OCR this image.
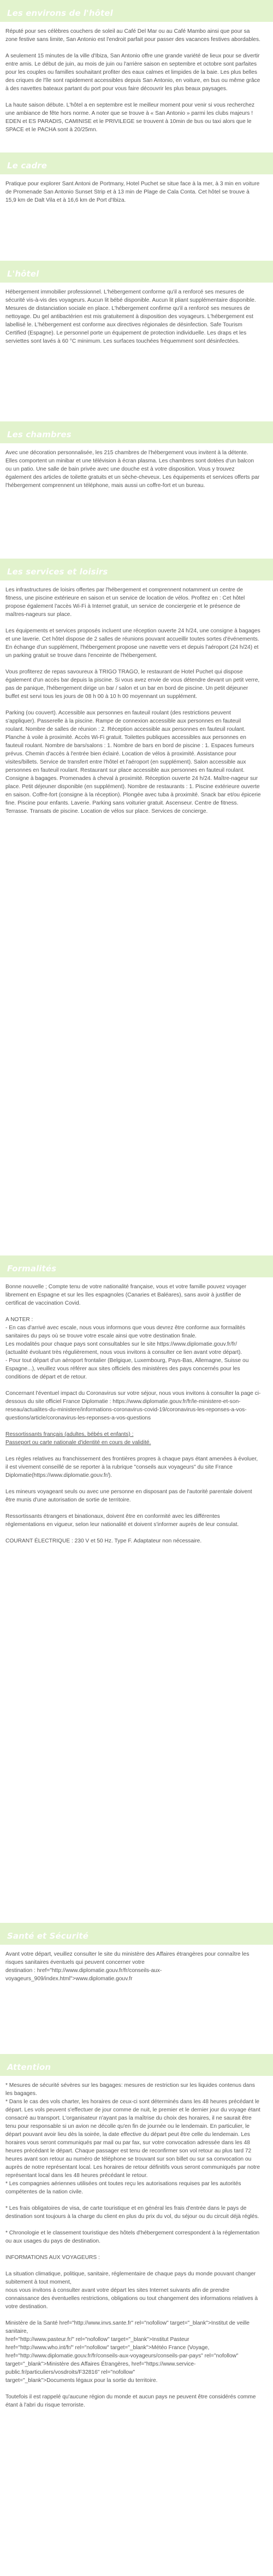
Les environs de l'hôtel

Réputé pour ses célèbres couchers de soleil au Café Del Mar ou au Café Mambo ainsi que pour sa zone festive sans limite, San Antonio est l'endroit parfait pour passer des vacances festives abordables.

A seulement 15 minutes de la ville d'Ibiza, San Antonio offre une grande variété de lieux pour se divertir entre amis. Le début de juin, au mois de juin ou l'arrière saison en septembre et octobre sont parfaites pour les couples ou familles souhaitant profiter des eaux calmes et limpides de la baie. Les plus belles des criques de l'île sont rapidement accessibles depuis San Antonio, en voiture, en bus ou même grâce à des navettes bateaux partant du port pour vous faire découvrir les plus beaux paysages.

La haute saison débute. L'hôtel a en septembre est le meilleur moment pour venir si vous recherchez une ambiance de fête hors norme. A noter que se trouve à « San Antonio » parmi les clubs majeurs ! EDEN et ES PARADIS, CAMINISE et le PRIVILEGE se trouvent à 10min de bus ou taxi alors que le SPACE et le PACHA sont à 20/25mn.

Le cadre

Pratique pour explorer Sant Antoni de Portmany, Hotel Puchet se situe face à la mer, à 3 min en voiture de Promenade San Antonio Sunset Strip et à 13 min de Plage de Cala Conta. Cet hôtel se trouve à 15,9 km de Dalt Vila et à 16,6 km de Port d'Ibiza.

L'hôtel

Hébergement immobilier professionnel. L'hébergement conforme qu'il a renforcé ses mesures de sécurité vis-à-vis des voyageurs. Aucun lit bébé disponible. Aucun lit pliant supplémentaire disponible. Mesures de distanciation sociale en place. L'hébergement confirme qu'il a renforcé ses mesures de nettoyage. Du gel antibactérien est mis gratuitement à disposition des voyageurs. L'hébergement est labellisé le. L'hébergement est conforme aux directives régionales de désinfection. Safe Tourism Certified (Espagne). Le personnel porte un équipement de protection individuelle. Les draps et les serviettes sont lavés à 60 °C minimum. Les surfaces touchées fréquemment sont désinfectées.

Les chambres

Avec une décoration personnalisée, les 215 chambres de l'hébergement vous invitent à la détente. Elles comportent un minibar et une télévision à écran plasma. Les chambres sont dotées d'un balcon ou un patio. Une salle de bain privée avec une douche est à votre disposition. Vous y trouvez également des articles de toilette gratuits et un sèche-cheveux. Les équipements et services offerts par l'hébergement comprennent un téléphone, mais aussi un coffre-fort et un bureau.

Les services et loisirs

Les infrastructures de loisirs offertes par l'hébergement et comprennent notamment un centre de fitness, une piscine extérieure en saison et un service de location de vélos. Profitez en : Cet hôtel propose également l'accès Wi-Fi à Internet gratuit, un service de conciergerie et le présence de maîtres-nageurs sur place.

Les équipements et services proposés incluent une réception ouverte 24 h/24, une consigne à bagages et une laverie. Cet hôtel dispose de 2 salles de réunions pouvant accueillir toutes sortes d'événements. En échange d'un supplément, l'hébergement propose une navette vers et depuis l'aéroport (24 h/24) et un parking gratuit se trouve dans l'enceinte de l'hébergement.

Vous profiterez de repas savoureux à TRIGO TRAGO, le restaurant de Hotel Puchet qui dispose également d'un accès bar depuis la piscine. Si vous avez envie de vous détendre devant un petit verre, pas de panique, l'hébergement dirige un bar / salon et un bar en bord de piscine. Un petit déjeuner buffet est servi tous les jours de 08 h 00 à 10 h 00 moyennant un supplément.

Parking (ou couvert). Accessible aux personnes en fauteuil roulant (des restrictions peuvent s'appliquer). Passerelle à la piscine. Rampe de connexion accessible aux personnes en fauteuil roulant. Nombre de salles de réunion : 2. Réception accessible aux personnes en fauteuil roulant. Planche à voile à proximité. Accès Wi-Fi gratuit. Toilettes publiques accessibles aux personnes en fauteuil roulant. Nombre de bars/salons : 1. Nombre de bars en bord de piscine : 1. Espaces fumeurs prévus. Chemin d'accès à l'entrée bien éclairé. Location de vélos à proximité. Assistance pour visites/billets. Service de transfert entre l'hôtel et l'aéroport (en supplément). Salon accessible aux personnes en fauteuil roulant. Restaurant sur place accessible aux personnes en fauteuil roulant. Consigne à bagages. Promenades à cheval à proximité. Réception ouverte 24 h/24. Maître-nageur sur place. Petit déjeuner disponible (en supplément). Nombre de restaurants : 1. Piscine extérieure ouverte en saison. Coffre-fort (consigne à la réception). Plongée avec tuba à proximité. Snack bar et/ou épicerie fine. Piscine pour enfants. Laverie. Parking sans voiturier gratuit. Ascenseur. Centre de fitness. Terrasse. Transats de piscine. Location de vélos sur place. Services de concierge.

Formalités

Bonne nouvelle ; Compte tenu de votre nationalité française, vous et votre famille pouvez voyager librement en Espagne et sur les îles espagnoles (Canaries et Baléares), sans avoir à justifier de certificat de vaccination Covid.

A NOTER :
- En cas d'arrivé avec escale, nous vous informons que vous devrez être conforme aux formalités sanitaires du pays où se trouve votre escale ainsi que votre destination finale.
Les modalités pour chaque pays sont consultables sur le site https://www.diplomatie.gouv.fr/fr/ (actualité évoluant très régulièrement, nous vous invitons à consulter ce lien avant votre départ).
- Pour tout départ d'un aéroport frontalier (Belgique, Luxembourg, Pays-Bas, Allemagne, Suisse ou Espagne...), veuillez vous référer aux sites officiels des ministères des pays concernés pour les conditions de départ et de retour.

Concernant l'éventuel impact du Coronavirus sur votre séjour, nous vous invitons à consulter la page ci-dessous du site officiel France Diplomatie : https://www.diplomatie.gouv.fr/fr/le-ministere-et-son-reseau/actualites-du-ministere/informations-coronavirus-covid-19/coronavirus-les-reponses-a-vos-questions/article/coronavirus-les-reponses-a-vos-questions

Ressortissants français (adultes, bébés et enfants) :
Passeport ou carte nationale d'identité en cours de validité.

Les règles relatives au franchissement des frontières propres à chaque pays étant amenées à évoluer, il est vivement conseillé de se reporter à la rubrique "conseils aux voyageurs" du site France Diplomatie(https://www.diplomatie.gouv.fr/).

Les mineurs voyageant seuls ou avec une personne en disposant pas de l'autorité parentale doivent être munis d'une autorisation de sortie de territoire.

Ressortissants étrangers et binationaux, doivent être en conformité avec les différentes réglementations en vigueur, selon leur nationalité et doivent s'informer auprès de leur consulat.

COURANT ÉLECTRIQUE : 230 V et 50 Hz. Type F. Adaptateur non nécessaire.

Santé et Sécurité

Avant votre départ, veuillez consulter le site du ministère des Affaires étrangères pour connaître les risques sanitaires éventuels qui peuvent concerner votre
destination : href="http://www.diplomatie.gouv.fr/fr/conseils-aux-voyageurs_909/index.html">www.diplomatie.gouv.fr

Attention

* Mesures de sécurité sévères sur les bagages: mesures de restriction sur les liquides contenus dans les bagages.
* Dans le cas des vols charter, les horaires de ceux-ci sont déterminés dans les 48 heures précédant le départ. Les vols peuvent s'effectuer de jour comme de nuit, le premier et le dernier jour du voyage étant consacré au transport. L'organisateur n'ayant pas la maîtrise du choix des horaires, il ne saurait être tenu pour responsable si un avion ne décolle qu'en fin de journée ou le lendemain. En particulier, le départ pouvant avoir lieu dès la soirée, la date effective du départ peut être celle du lendemain. Les horaires vous seront communiqués par mail ou par fax, sur votre convocation adressée dans les 48 heures précédant le départ. Chaque passager est tenu de reconfirmer son vol retour au plus tard 72 heures avant son retour au numéro de téléphone se trouvant sur son billet ou sur sa convocation ou auprès de notre représentant local. Les horaires de retour définitifs vous seront communiqués par notre représentant local dans les 48 heures précédant le retour.
* Les compagnies aériennes utilisées ont toutes reçu les autorisations requises par les autorités compétentes de la nation civile.

* Les frais obligatoires de visa, de carte touristique et en général les frais d'entrée dans le pays de destination sont toujours à la charge du client en plus du prix du vol, du séjour ou du circuit déjà réglés.

* Chronologie et le classement touristique des hôtels d'hébergement correspondent à la réglementation ou aux usages du pays de destination.

INFORMATIONS AUX VOYAGEURS :

La situation climatique, politique, sanitaire, réglementaire de chaque pays du monde pouvant changer subitement à tout moment,
nous vous invitons à consulter avant votre départ les sites Internet suivants afin de prendre connaissance des éventuelles restrictions, obligations ou tout changement des informations relatives à votre destination.

Ministère de la Santé href="http://www.invs.sante.fr" rel="nofollow" target="_blank">Institut de veille sanitaire,
href="http://www.pasteur.fr/" rel="nofollow" target="_blank">Institut Pasteur
href="http://www.who.int/fr/" rel="nofollow" target="_blank">Météo France (Voyage, href="http://www.diplomatie.gouv.fr/fr/conseils-aux-voyageurs/conseils-par-pays" rel="nofollow"
target="_blank">Ministère des Affaires Étrangères, href="https://www.service-public.fr/particuliers/vosdroits/F32816" rel="nofollow"
target="_blank">Documents légaux pour la sortie du territoire.

Toutefois il est rappelé qu'aucune région du monde et aucun pays ne peuvent être considérés comme étant à l'abri du risque terroriste.
